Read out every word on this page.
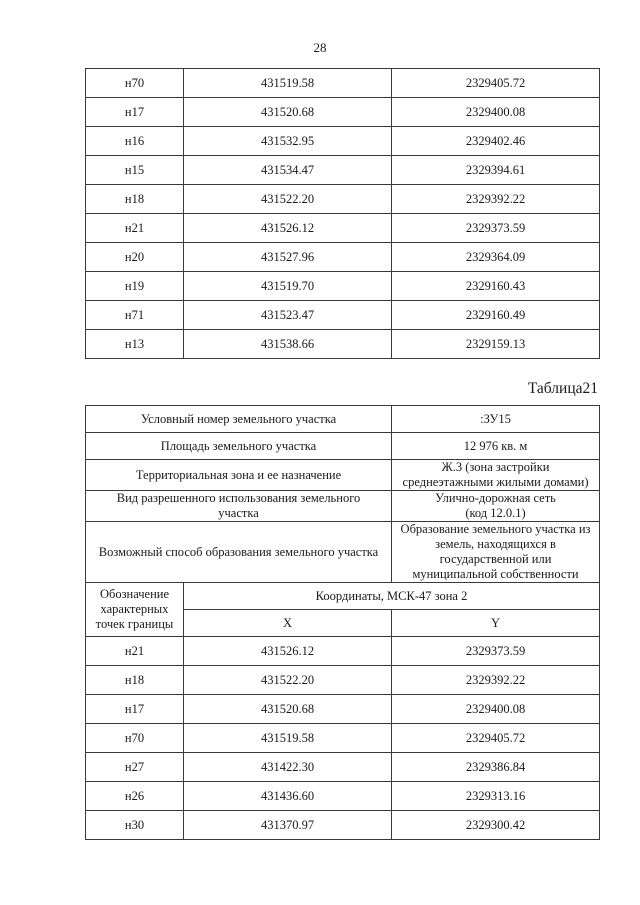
28
н70	431519.58	2329405.72
н17	431520.68	2329400.08
н16	431532.95	2329402.46
н15	431534.47	2329394.61
н18	431522.20	2329392.22
н21	431526.12	2329373.59
н20	431527.96	2329364.09
н19	431519.70	2329160.43
н71	431523.47	2329160.49
н13	431538.66	2329159.13
Таблица21
Условный номер земельного участка		:ЗУ15
Площадь земельного участка		12 976 кв. м
Территориальная зона и ее назначение		Ж.3 (зона застройки
среднеэтажными жилыми домами)
Вид разрешенного использования земельного
участка		Улично-дорожная сеть
(код 12.0.1)
Возможный способ образования земельного участка		Образование земельного участка из
земель, находящихся в
государственной или
муниципальной собственности
Обозначение
характерных
точек границы	Координаты, МСК-47 зона 2	
	X	Y
н21	431526.12	2329373.59
н18	431522.20	2329392.22
н17	431520.68	2329400.08
н70	431519.58	2329405.72
н27	431422.30	2329386.84
н26	431436.60	2329313.16
н30	431370.97	2329300.42
